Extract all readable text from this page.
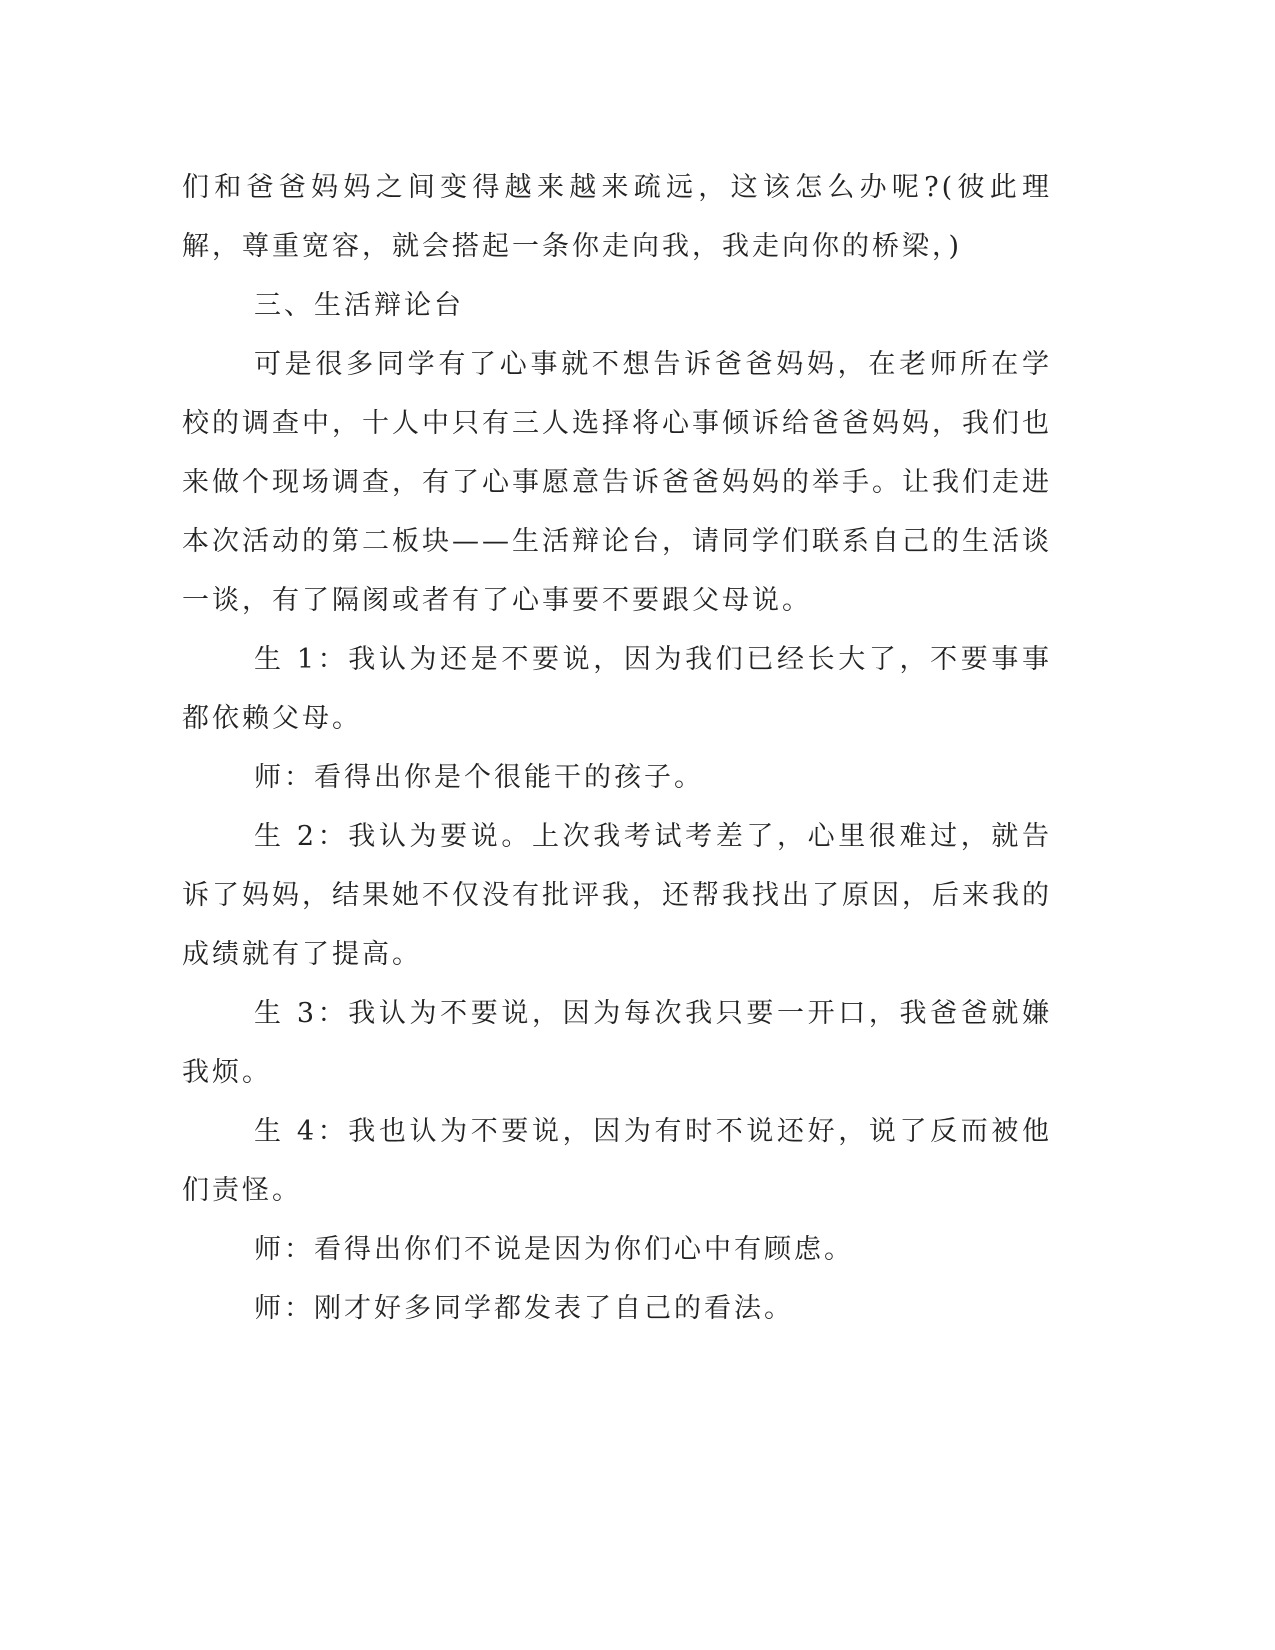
们和爸爸妈妈之间变得越来越来疏远，这该怎么办呢?(彼此理解，尊重宽容，就会搭起一条你走向我，我走向你的桥梁，)

三、生活辩论台

可是很多同学有了心事就不想告诉爸爸妈妈，在老师所在学校的调查中，十人中只有三人选择将心事倾诉给爸爸妈妈，我们也来做个现场调查，有了心事愿意告诉爸爸妈妈的举手。让我们走进本次活动的第二板块——生活辩论台，请同学们联系自己的生活谈一谈，有了隔阂或者有了心事要不要跟父母说。

生 1：我认为还是不要说，因为我们已经长大了，不要事事都依赖父母。

师：看得出你是个很能干的孩子。

生 2：我认为要说。上次我考试考差了，心里很难过，就告诉了妈妈，结果她不仅没有批评我，还帮我找出了原因，后来我的成绩就有了提高。

生 3：我认为不要说，因为每次我只要一开口，我爸爸就嫌我烦。

生 4：我也认为不要说，因为有时不说还好，说了反而被他们责怪。

师：看得出你们不说是因为你们心中有顾虑。

师：刚才好多同学都发表了自己的看法。
